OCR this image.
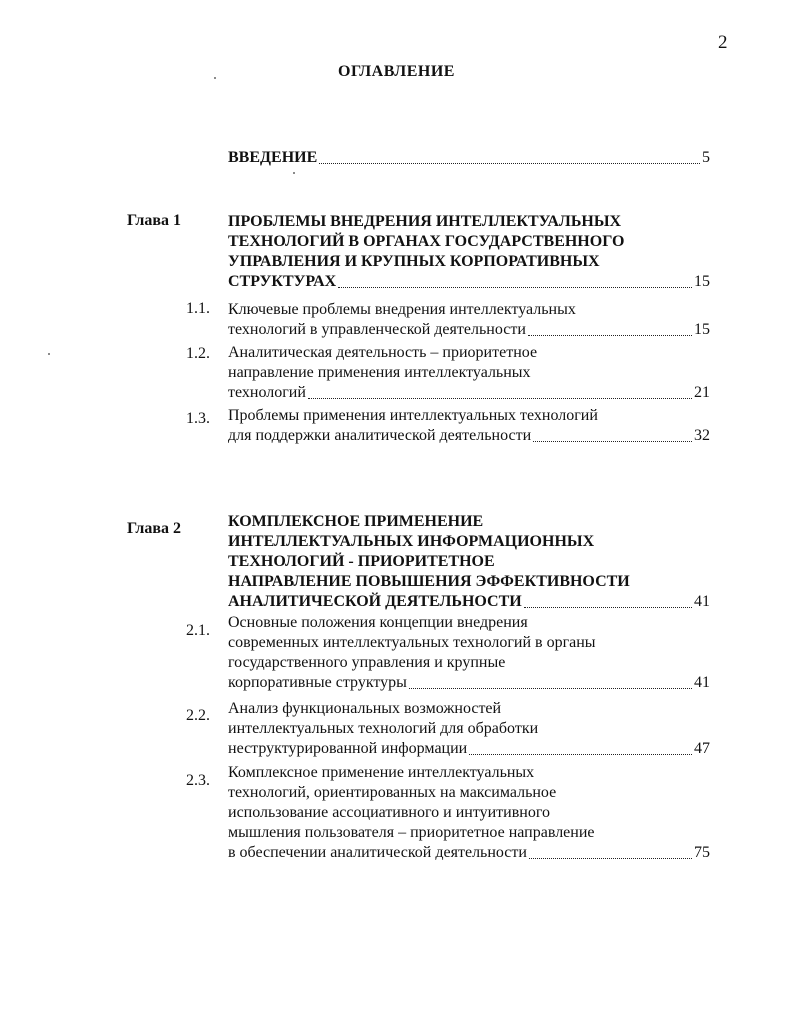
2
ОГЛАВЛЕНИЕ
ВВЕДЕНИЕ	5
Глава 1	ПРОБЛЕМЫ ВНЕДРЕНИЯ ИНТЕЛЛЕКТУАЛЬНЫХ
ТЕХНОЛОГИЙ В ОРГАНАХ ГОСУДАРСТВЕННОГО
УПРАВЛЕНИЯ И КРУПНЫХ КОРПОРАТИВНЫХ
СТРУКТУРАХ	15
1.1. Ключевые проблемы внедрения интеллектуальных
технологий в управленческой деятельности	15
1.2. Аналитическая деятельность – приоритетное
направление применения интеллектуальных
технологий	21
1.3. Проблемы применения интеллектуальных технологий
для поддержки аналитической деятельности	32
Глава 2	КОМПЛЕКСНОЕ ПРИМЕНЕНИЕ
ИНТЕЛЛЕКТУАЛЬНЫХ ИНФОРМАЦИОННЫХ
ТЕХНОЛОГИЙ - ПРИОРИТЕТНОЕ
НАПРАВЛЕНИЕ ПОВЫШЕНИЯ ЭФФЕКТИВНОСТИ
АНАЛИТИЧЕСКОЙ ДЕЯТЕЛЬНОСТИ	41
2.1. Основные положения концепции внедрения
современных интеллектуальных технологий в органы
государственного управления и крупные
корпоративные структуры	41
2.2. Анализ функциональных возможностей
интеллектуальных технологий для обработки
неструктурированной информации	47
2.3. Комплексное применение интеллектуальных
технологий, ориентированных на максимальное
использование ассоциативного и интуитивного
мышления пользователя – приоритетное направление
в обеспечении аналитической деятельности	75
